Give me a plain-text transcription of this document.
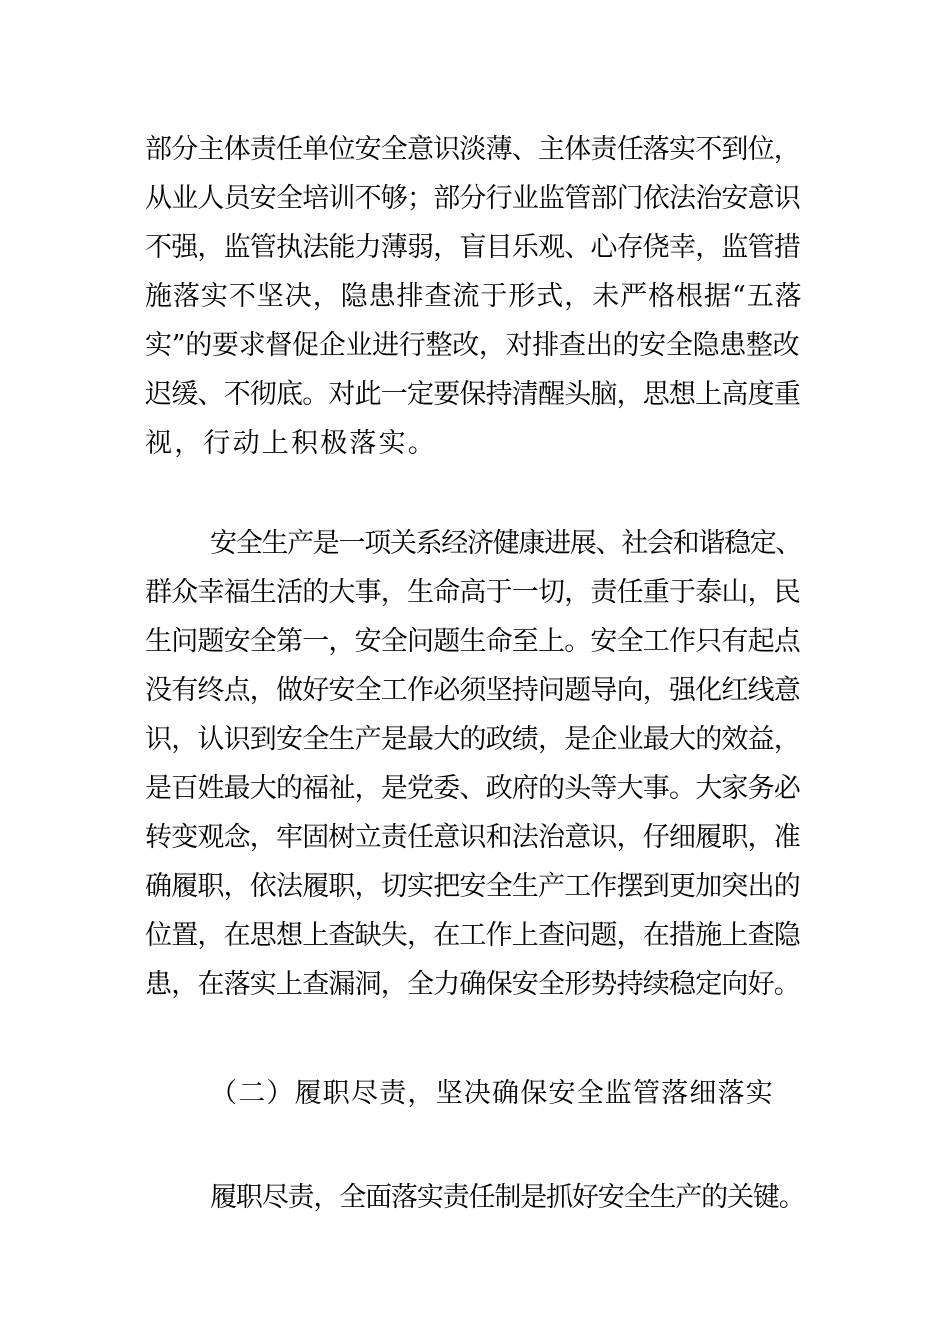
部分主体责任单位安全意识淡薄、主体责任落实不到位，
从业人员安全培训不够；部分行业监管部门依法治安意识
不强，监管执法能力薄弱，盲目乐观、心存侥幸，监管措
施落实不坚决，隐患排查流于形式，未严格根据“五落
实”的要求督促企业进行整改，对排查出的安全隐患整改
迟缓、不彻底。对此一定要保持清醒头脑，思想上高度重
视，行动上积极落实。
安全生产是一项关系经济健康进展、社会和谐稳定、
群众幸福生活的大事，生命高于一切，责任重于泰山，民
生问题安全第一，安全问题生命至上。安全工作只有起点
没有终点，做好安全工作必须坚持问题导向，强化红线意
识，认识到安全生产是最大的政绩，是企业最大的效益，
是百姓最大的福祉，是党委、政府的头等大事。大家务必
转变观念，牢固树立责任意识和法治意识，仔细履职，准
确履职，依法履职，切实把安全生产工作摆到更加突出的
位置，在思想上查缺失，在工作上查问题，在措施上查隐
患，在落实上查漏洞，全力确保安全形势持续稳定向好。
（二）履职尽责，坚决确保安全监管落细落实
履职尽责，全面落实责任制是抓好安全生产的关键。
